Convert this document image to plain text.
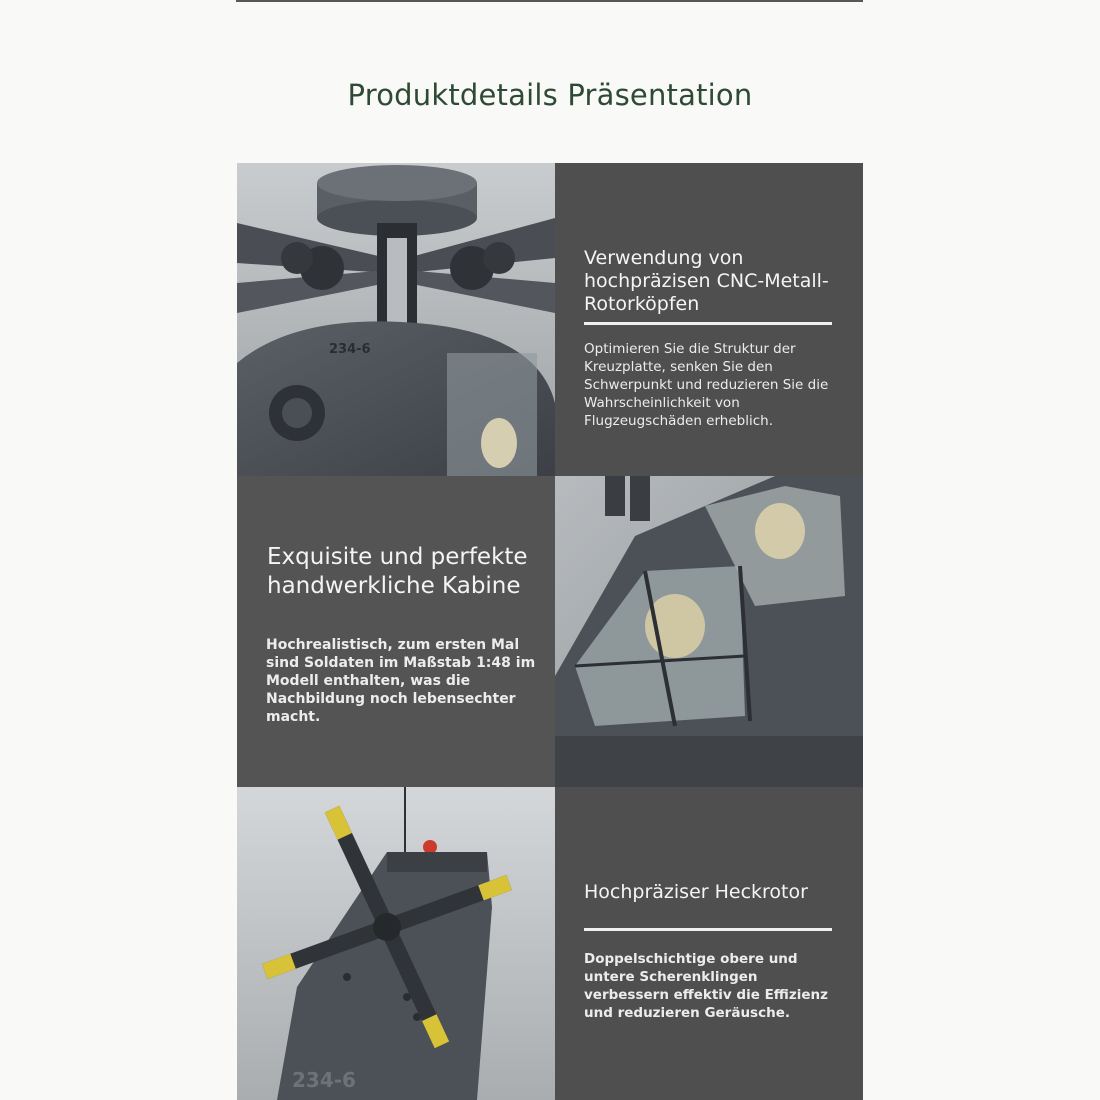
Produktdetails Präsentation
234-6
Verwendung von hochpräzisen CNC-Metall-Rotorköpfen

Optimieren Sie die Struktur der Kreuzplatte, senken Sie den Schwerpunkt und reduzieren Sie die Wahrscheinlichkeit von Flugzeugschäden erheblich.

Exquisite und perfekte handwerkliche Kabine

Hochrealistisch, zum ersten Mal sind Soldaten im Maßstab 1:48 im Modell enthalten, was die Nachbildung noch lebensechter macht.

234-6
Hochpräziser Heckrotor

Doppelschichtige obere und untere Scherenklingen verbessern effektiv die Effizienz und reduzieren Geräusche.
